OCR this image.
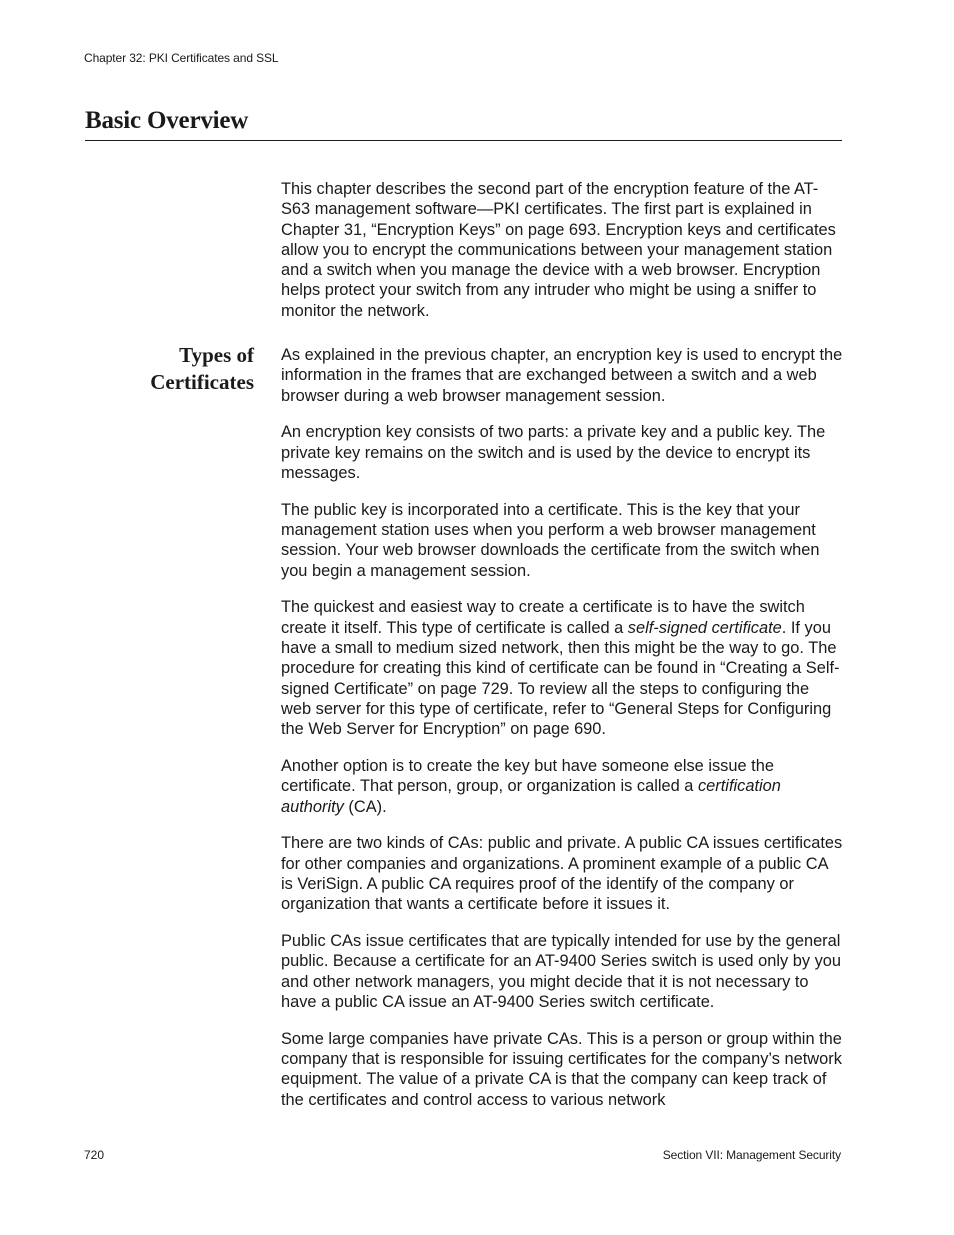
Chapter 32: PKI Certificates and SSL
Basic Overview

This chapter describes the second part of the encryption feature of the AT-S63 management software—PKI certificates. The first part is explained in Chapter 31, “Encryption Keys” on page 693. Encryption keys and certificates allow you to encrypt the communications between your management station and a switch when you manage the device with a web browser. Encryption helps protect your switch from any intruder who might be using a sniffer to monitor the network.

Types of
Certificates

As explained in the previous chapter, an encryption key is used to encrypt the information in the frames that are exchanged between a switch and a web browser during a web browser management session.

An encryption key consists of two parts: a private key and a public key. The private key remains on the switch and is used by the device to encrypt its messages.

The public key is incorporated into a certificate. This is the key that your management station uses when you perform a web browser management session. Your web browser downloads the certificate from the switch when you begin a management session.

The quickest and easiest way to create a certificate is to have the switch create it itself. This type of certificate is called a self-signed certificate. If you have a small to medium sized network, then this might be the way to go. The procedure for creating this kind of certificate can be found in “Creating a Self-signed Certificate” on page 729. To review all the steps to configuring the web server for this type of certificate, refer to “General Steps for Configuring the Web Server for Encryption” on page 690.

Another option is to create the key but have someone else issue the certificate. That person, group, or organization is called a certification authority (CA).

There are two kinds of CAs: public and private. A public CA issues certificates for other companies and organizations. A prominent example of a public CA is VeriSign. A public CA requires proof of the identify of the company or organization that wants a certificate before it issues it.

Public CAs issue certificates that are typically intended for use by the general public. Because a certificate for an AT-9400 Series switch is used only by you and other network managers, you might decide that it is not necessary to have a public CA issue an AT-9400 Series switch certificate.

Some large companies have private CAs. This is a person or group within the company that is responsible for issuing certificates for the company’s network equipment. The value of a private CA is that the company can keep track of the certificates and control access to various network

720	Section VII: Management Security
